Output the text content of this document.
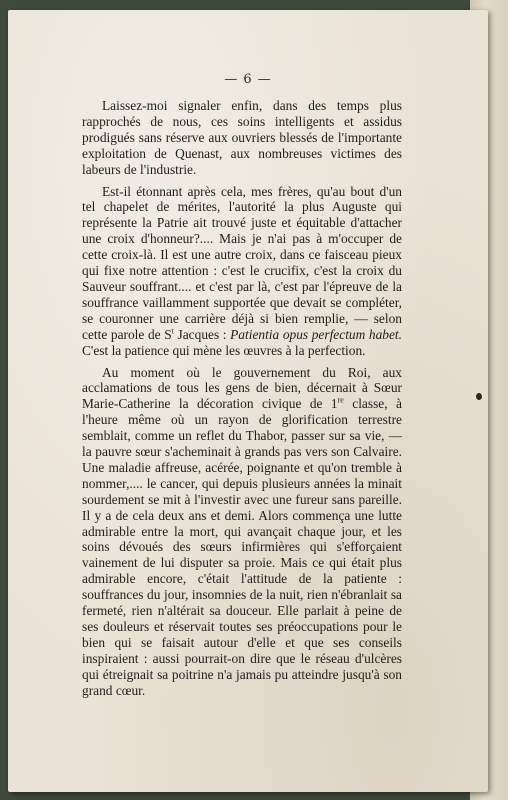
— 6 —

Laissez-moi signaler enfin, dans des temps plus rapprochés de nous, ces soins intelligents et assidus prodigués sans réserve aux ouvriers blessés de l'importante exploitation de Quenast, aux nombreuses victimes des labeurs de l'industrie.

Est-il étonnant après cela, mes frères, qu'au bout d'un tel chapelet de mérites, l'autorité la plus Auguste qui représente la Patrie ait trouvé juste et équitable d'attacher une croix d'honneur?.... Mais je n'ai pas à m'occuper de cette croix-là. Il est une autre croix, dans ce faisceau pieux qui fixe notre attention : c'est le crucifix, c'est la croix du Sauveur souffrant.... et c'est par là, c'est par l'épreuve de la souffrance vaillamment supportée que devait se compléter, se couronner une carrière déjà si bien remplie, — selon cette parole de $S^t$ Jacques : Patientia opus perfectum habet. C'est la patience qui mène les œuvres à la perfection.

Au moment où le gouvernement du Roi, aux acclamations de tous les gens de bien, décernait à Sœur Marie-Catherine la décoration civique de 1re classe, à l'heure même où un rayon de glorification terrestre semblait, comme un reflet du Thabor, passer sur sa vie, — la pauvre sœur s'acheminait à grands pas vers son Calvaire. Une maladie affreuse, acérée, poignante et qu'on tremble à nommer,.... le cancer, qui depuis plusieurs années la minait sourdement se mit à l'investir avec une fureur sans pareille. Il y a de cela deux ans et demi. Alors commença une lutte admirable entre la mort, qui avançait chaque jour, et les soins dévoués des sœurs infirmières qui s'efforçaient vainement de lui disputer sa proie. Mais ce qui était plus admirable encore, c'était l'attitude de la patiente : souffrances du jour, insomnies de la nuit, rien n'ébranlait sa fermeté, rien n'altérait sa douceur. Elle parlait à peine de ses douleurs et réservait toutes ses préoccupations pour le bien qui se faisait autour d'elle et que ses conseils inspiraient : aussi pourrait-on dire que le réseau d'ulcères qui étreignait sa poitrine n'a jamais pu atteindre jusqu'à son grand cœur.
